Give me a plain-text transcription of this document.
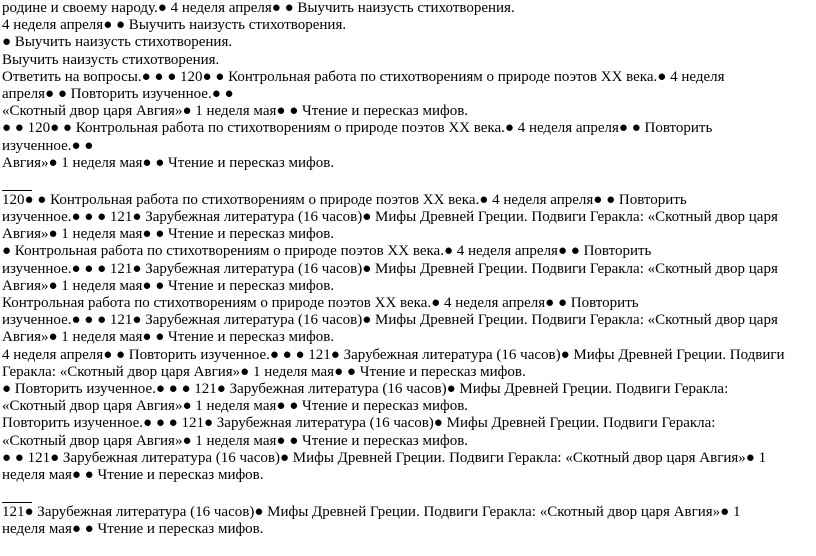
родине и своему народу.● 4 неделя апреля● ● Выучить наизусть стихотворения.
4 неделя апреля● ● Выучить наизусть стихотворения.
● Выучить наизусть стихотворения.
Выучить наизусть стихотворения.
Ответить на вопросы.● ● ● 120● ● Контрольная работа по стихотворениям о природе поэтов XX века.● 4 неделя
апреля● ● Повторить изученное.● ●
«Скотный двор царя Авгия»● 1 неделя мая● ● Чтение и пересказ мифов.
● ● 120● ● Контрольная работа по стихотворениям о природе поэтов XX века.● 4 неделя апреля● ● Повторить
изученное.● ●
Авгия»● 1 неделя мая● ● Чтение и пересказ мифов.
120● ● Контрольная работа по стихотворениям о природе поэтов XX века.● 4 неделя апреля● ● Повторить
изученное.● ● ● 121● Зарубежная литература (16 часов)● Мифы Древней Греции. Подвиги Геракла: «Скотный двор царя
Авгия»● 1 неделя мая● ● Чтение и пересказ мифов.
● Контрольная работа по стихотворениям о природе поэтов XX века.● 4 неделя апреля● ● Повторить
изученное.● ● ● 121● Зарубежная литература (16 часов)● Мифы Древней Греции. Подвиги Геракла: «Скотный двор царя
Авгия»● 1 неделя мая● ● Чтение и пересказ мифов.
Контрольная работа по стихотворениям о природе поэтов XX века.● 4 неделя апреля● ● Повторить
изученное.● ● ● 121● Зарубежная литература (16 часов)● Мифы Древней Греции. Подвиги Геракла: «Скотный двор царя
Авгия»● 1 неделя мая● ● Чтение и пересказ мифов.
4 неделя апреля● ● Повторить изученное.● ● ● 121● Зарубежная литература (16 часов)● Мифы Древней Греции. Подвиги
Геракла: «Скотный двор царя Авгия»● 1 неделя мая● ● Чтение и пересказ мифов.
● Повторить изученное.● ● ● 121● Зарубежная литература (16 часов)● Мифы Древней Греции. Подвиги Геракла:
«Скотный двор царя Авгия»● 1 неделя мая● ● Чтение и пересказ мифов.
Повторить изученное.● ● ● 121● Зарубежная литература (16 часов)● Мифы Древней Греции. Подвиги Геракла:
«Скотный двор царя Авгия»● 1 неделя мая● ● Чтение и пересказ мифов.
● ● 121● Зарубежная литература (16 часов)● Мифы Древней Греции. Подвиги Геракла: «Скотный двор царя Авгия»● 1
неделя мая● ● Чтение и пересказ мифов.
121● Зарубежная литература (16 часов)● Мифы Древней Греции. Подвиги Геракла: «Скотный двор царя Авгия»● 1
неделя мая● ● Чтение и пересказ мифов.
